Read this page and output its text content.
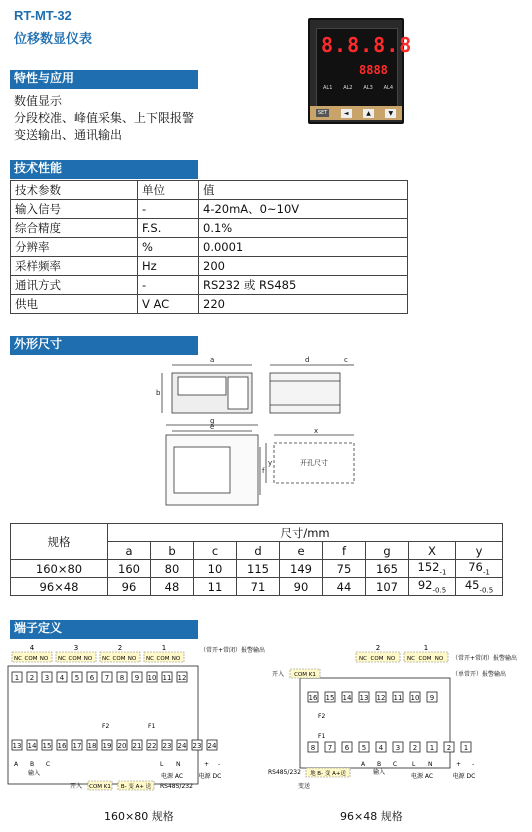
RT-MT-32
位移数显仪表	8.8.8.8
8888
AL1 AL2 AL3 AL4
SET	◄	▲	▼
特性与应用
数值显示
分段校准、峰值采集、上下限报警
变送输出、通讯输出
技术性能
技术参数	单位	值
输入信号	-	4-20mA、0~10V
综合精度	F.S.	0.1%
分辨率	%	0.0001
采样频率	Hz	200
通讯方式	-	RS232 或 RS485
供电	V AC	220
外形尺寸
a
b
c
d
e
f
g
x
y	开孔尺寸
规格	尺寸/mm								
	a	b	c	d	e	f	g	X	y
160×80	160	80	10	115	149	75	165	$152_{-1}$	$76_{-1}$
96×48	96	48	11	71	90	44	107	$92_{-0.5}$	$45_{-0.5}$
端子定义
4
NC COM NO
3
NC COM NO
2
NC COM NO
1
NC COM NO
（常开+常闭）报警输出
1 2 3 4 5 6 7 8 9 10 11 12
13 14 15 16 17 18 19 20 21 22 23 24 23 24
A B C
输入
F2	F1
L N
电源 AC
+ -
电源 DC
开入 COM K1 B- 变 A+ 送 RS485/232
2
NC COM NO
1
NC COM NO （常开+常闭）报警输出
开入 COM K1	（单常开）报警输出
16 15 14 13 12 11 10 9
F2
F1
8 7 6 5 4 3 2 1 2 1
A B C
输入
L N
电源 AC
+ -
电源 DC
RS485/232 地 B- 变 A+送
变送
160×80 规格	96×48 规格
